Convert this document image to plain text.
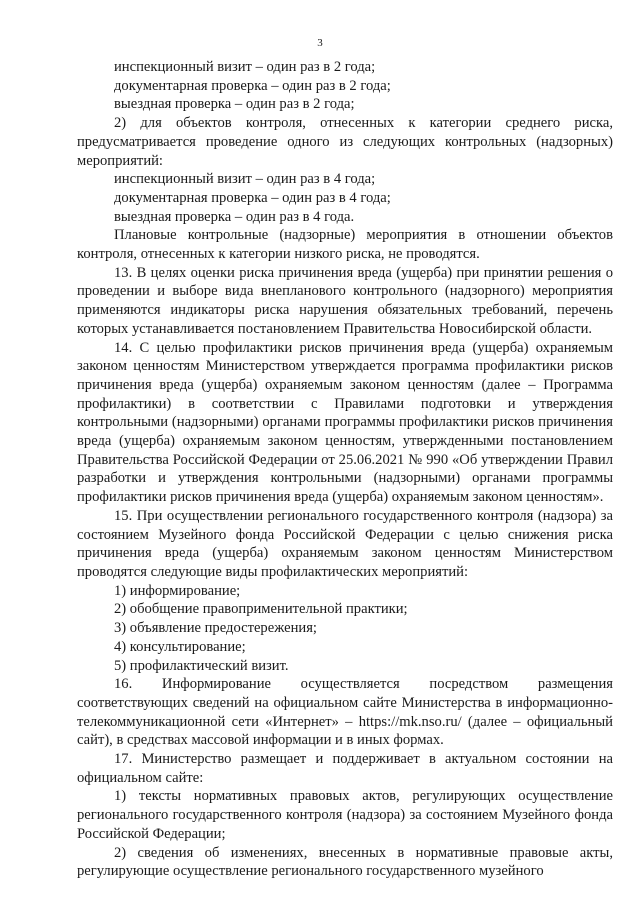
3

инспекционный визит – один раз в 2 года;

документарная проверка – один раз в 2 года;

выездная проверка – один раз в 2 года;

2) для объектов контроля, отнесенных к категории среднего риска, предусматривается проведение одного из следующих контрольных (надзорных) мероприятий:

инспекционный визит – один раз в 4 года;

документарная проверка – один раз в 4 года;

выездная проверка – один раз в 4 года.

Плановые контрольные (надзорные) мероприятия в отношении объектов контроля, отнесенных к категории низкого риска, не проводятся.

13. В целях оценки риска причинения вреда (ущерба) при принятии решения о проведении и выборе вида внепланового контрольного (надзорного) мероприятия применяются индикаторы риска нарушения обязательных требований, перечень которых устанавливается постановлением Правительства Новосибирской области.

14. С целью профилактики рисков причинения вреда (ущерба) охраняемым законом ценностям Министерством утверждается программа профилактики рисков причинения вреда (ущерба) охраняемым законом ценностям (далее – Программа профилактики) в соответствии с Правилами подготовки и утверждения контрольными (надзорными) органами программы профилактики рисков причинения вреда (ущерба) охраняемым законом ценностям, утвержденными постановлением Правительства Российской Федерации от 25.06.2021 № 990 «Об утверждении Правил разработки и утверждения контрольными (надзорными) органами программы профилактики рисков причинения вреда (ущерба) охраняемым законом ценностям».

15. При осуществлении регионального государственного контроля (надзора) за состоянием Музейного фонда Российской Федерации с целью снижения риска причинения вреда (ущерба) охраняемым законом ценностям Министерством проводятся следующие виды профилактических мероприятий:

1) информирование;

2) обобщение правоприменительной практики;

3) объявление предостережения;

4) консультирование;

5) профилактический визит.

16. Информирование осуществляется посредством размещения соответствующих сведений на официальном сайте Министерства в информационно-телекоммуникационной сети «Интернет» – https://mk.nso.ru/ (далее – официальный сайт), в средствах массовой информации и в иных формах.

17. Министерство размещает и поддерживает в актуальном состоянии на официальном сайте:

1) тексты нормативных правовых актов, регулирующих осуществление регионального государственного контроля (надзора) за состоянием Музейного фонда Российской Федерации;

2) сведения об изменениях, внесенных в нормативные правовые акты, регулирующие осуществление регионального государственного музейного
